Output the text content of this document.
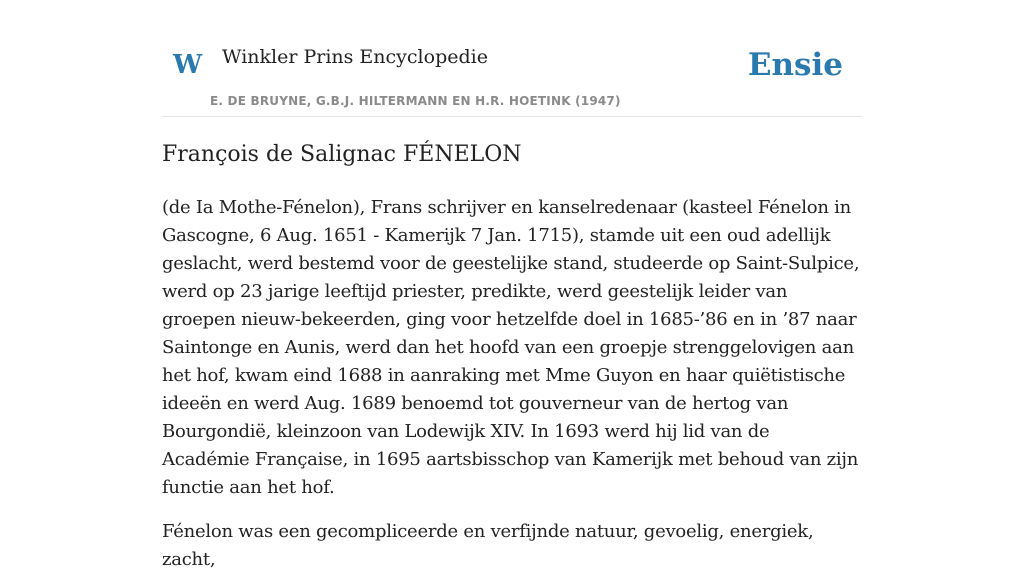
W Winkler Prins Encyclopedie
E. DE BRUYNE, G.B.J. HILTERMANN EN H.R. HOETINK (1947)
Ensie
François de Salignac FÉNELON

(de Ia Mothe-Fénelon), Frans schrijver en kanselredenaar (kasteel Fénelon in Gascogne, 6 Aug. 1651 - Kamerijk 7 Jan. 1715), stamde uit een oud adellijk geslacht, werd bestemd voor de geestelijke stand, studeerde op Saint-Sulpice, werd op 23 jarige leeftijd priester, predikte, werd geestelijk leider van groepen nieuw-bekeerden, ging voor hetzelfde doel in 1685-’86 en in ’87 naar Saintonge en Aunis, werd dan het hoofd van een groepje strenggelovigen aan het hof, kwam eind 1688 in aanraking met Mme Guyon en haar quiëtistische ideeën en werd Aug. 1689 benoemd tot gouverneur van de hertog van Bourgondië, kleinzoon van Lodewijk XIV. In 1693 werd hij lid van de Académie Française, in 1695 aartsbisschop van Kamerijk met behoud van zijn functie aan het hof.

Fénelon was een gecompliceerde en verfijnde natuur, gevoelig, energiek, zacht,
